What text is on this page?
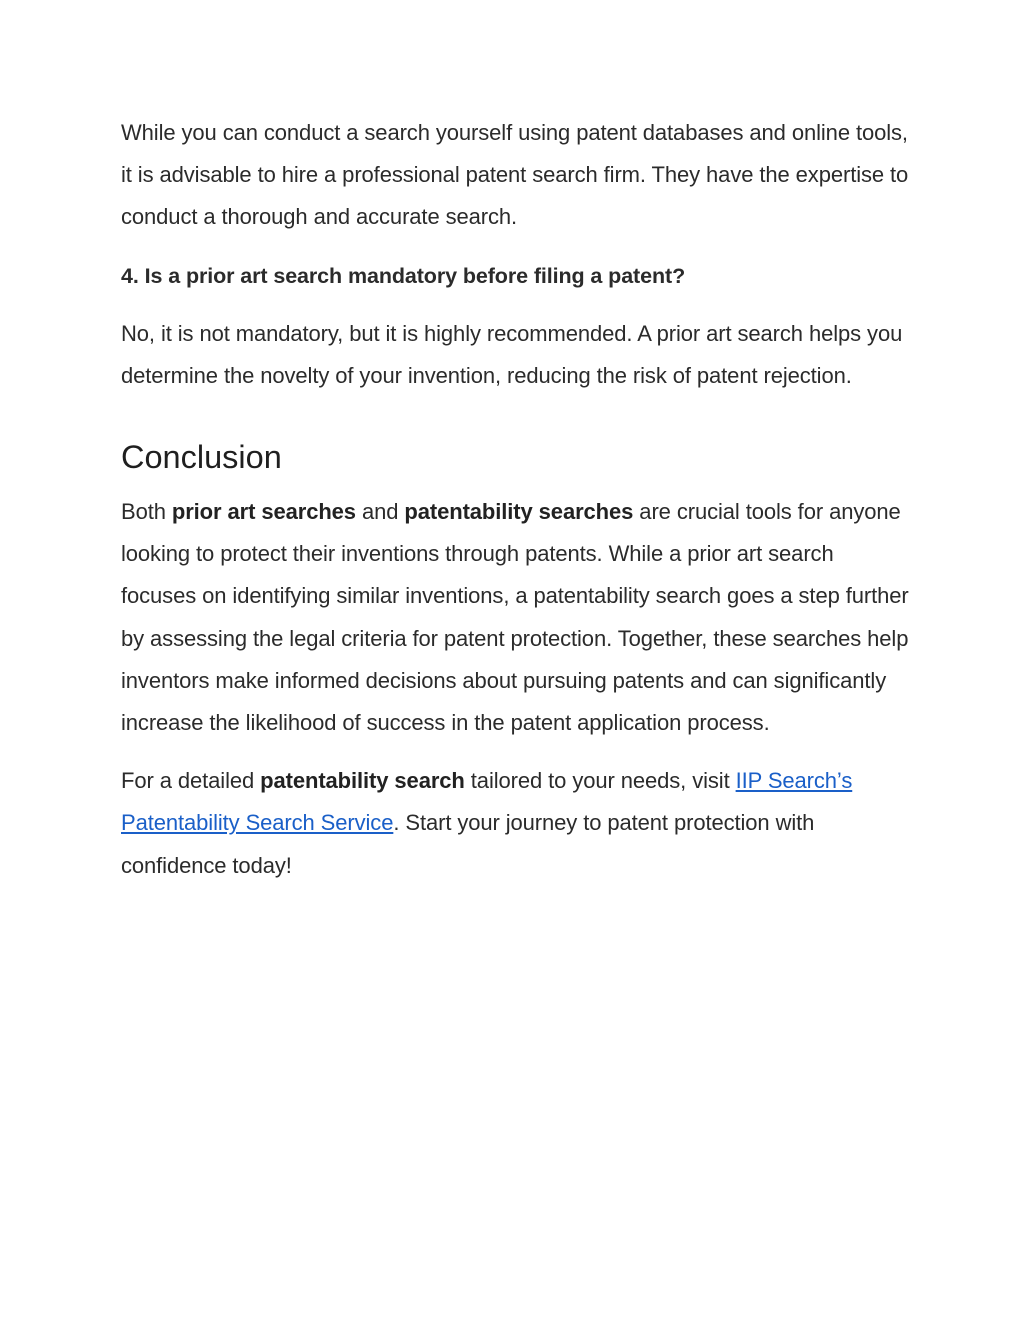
While you can conduct a search yourself using patent databases and online tools, it is advisable to hire a professional patent search firm. They have the expertise to conduct a thorough and accurate search.

4. Is a prior art search mandatory before filing a patent?

No, it is not mandatory, but it is highly recommended. A prior art search helps you determine the novelty of your invention, reducing the risk of patent rejection.

Conclusion

Both prior art searches and patentability searches are crucial tools for anyone looking to protect their inventions through patents. While a prior art search focuses on identifying similar inventions, a patentability search goes a step further by assessing the legal criteria for patent protection. Together, these searches help inventors make informed decisions about pursuing patents and can significantly increase the likelihood of success in the patent application process.

For a detailed patentability search tailored to your needs, visit IIP Search’s Patentability Search Service. Start your journey to patent protection with confidence today!
